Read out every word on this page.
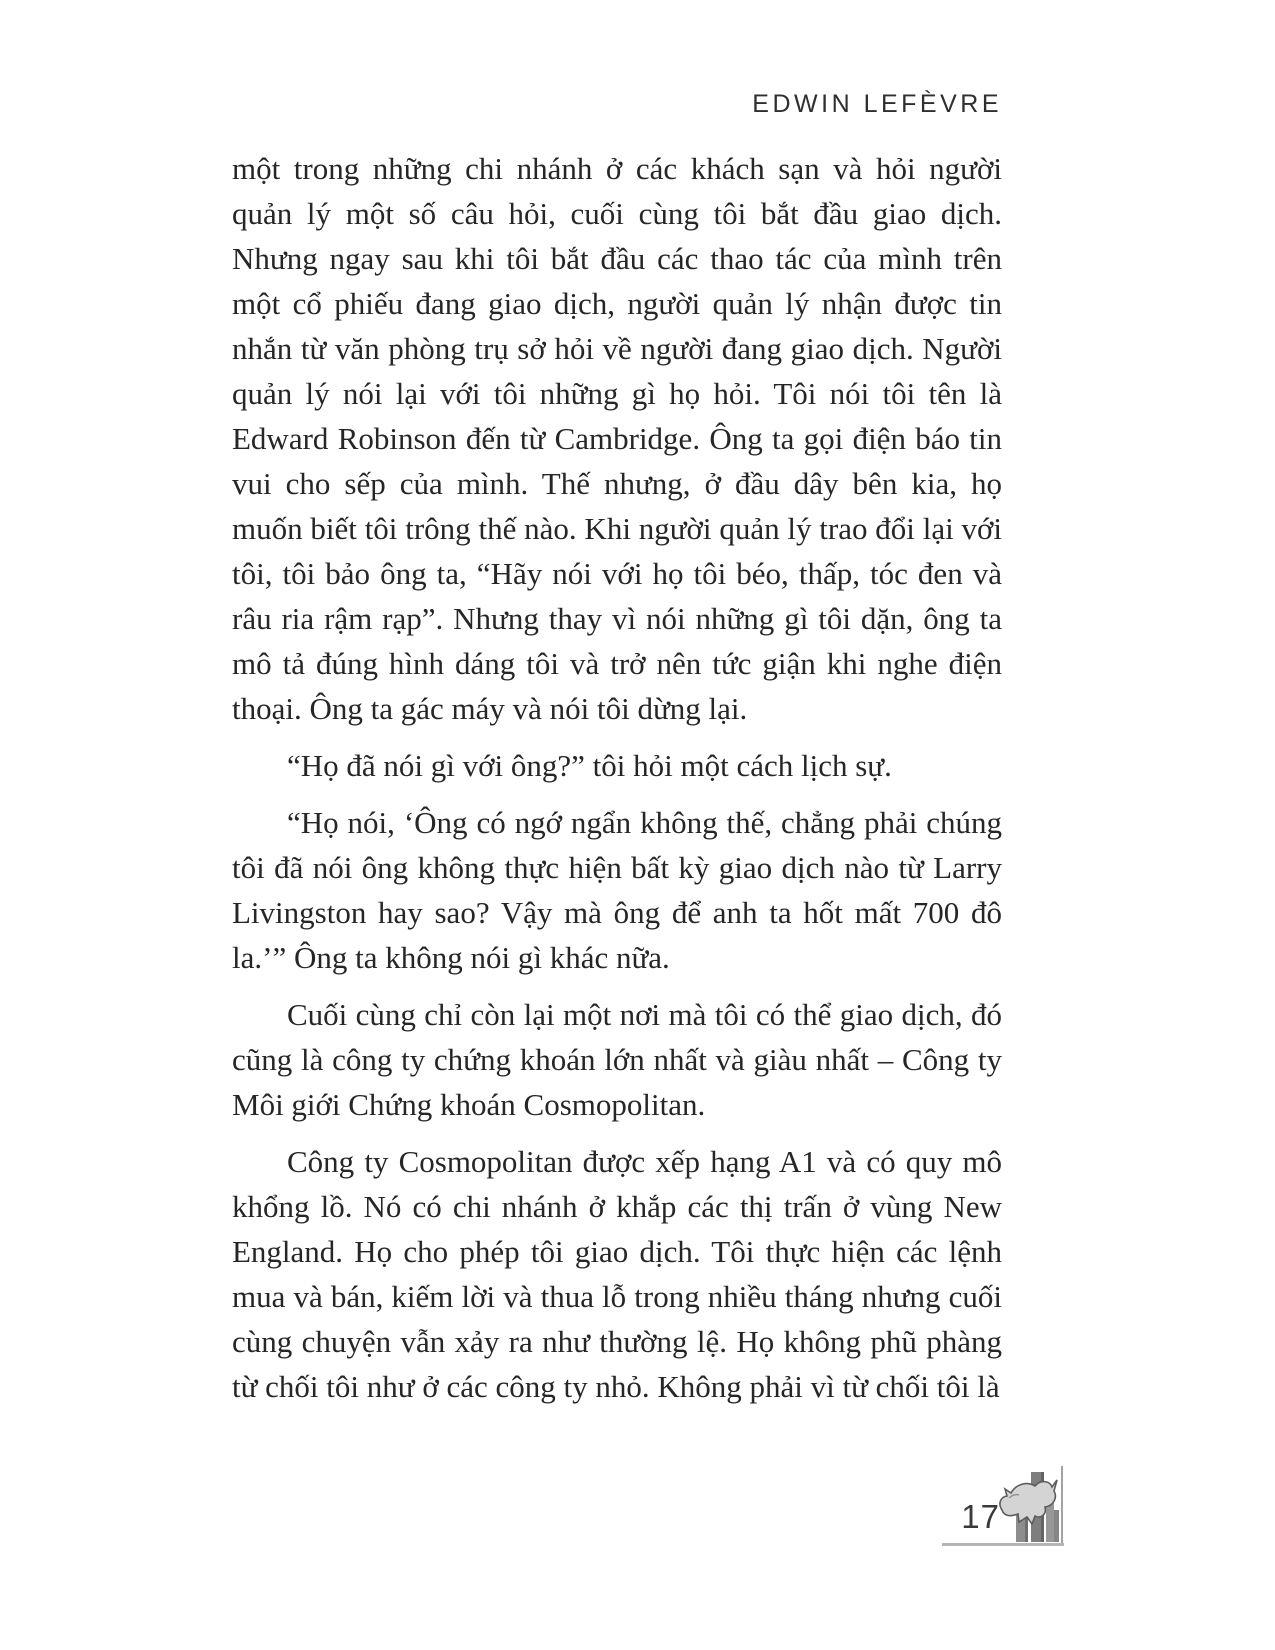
EDWIN LEFÈVRE

một trong những chi nhánh ở các khách sạn và hỏi người quản lý một số câu hỏi, cuối cùng tôi bắt đầu giao dịch. Nhưng ngay sau khi tôi bắt đầu các thao tác của mình trên một cổ phiếu đang giao dịch, người quản lý nhận được tin nhắn từ văn phòng trụ sở hỏi về người đang giao dịch. Người quản lý nói lại với tôi những gì họ hỏi. Tôi nói tôi tên là Edward Robinson đến từ Cambridge. Ông ta gọi điện báo tin vui cho sếp của mình. Thế nhưng, ở đầu dây bên kia, họ muốn biết tôi trông thế nào. Khi người quản lý trao đổi lại với tôi, tôi bảo ông ta, “Hãy nói với họ tôi béo, thấp, tóc đen và râu ria rậm rạp”. Nhưng thay vì nói những gì tôi dặn, ông ta mô tả đúng hình dáng tôi và trở nên tức giận khi nghe điện thoại. Ông ta gác máy và nói tôi dừng lại.

“Họ đã nói gì với ông?” tôi hỏi một cách lịch sự.

“Họ nói, ‘Ông có ngớ ngẩn không thế, chẳng phải chúng tôi đã nói ông không thực hiện bất kỳ giao dịch nào từ Larry Livingston hay sao? Vậy mà ông để anh ta hốt mất 700 đô la.’” Ông ta không nói gì khác nữa.

Cuối cùng chỉ còn lại một nơi mà tôi có thể giao dịch, đó cũng là công ty chứng khoán lớn nhất và giàu nhất – Công ty Môi giới Chứng khoán Cosmopolitan.

Công ty Cosmopolitan được xếp hạng A1 và có quy mô khổng lồ. Nó có chi nhánh ở khắp các thị trấn ở vùng New England. Họ cho phép tôi giao dịch. Tôi thực hiện các lệnh mua và bán, kiếm lời và thua lỗ trong nhiều tháng nhưng cuối cùng chuyện vẫn xảy ra như thường lệ. Họ không phũ phàng từ chối tôi như ở các công ty nhỏ. Không phải vì từ chối tôi là

17
